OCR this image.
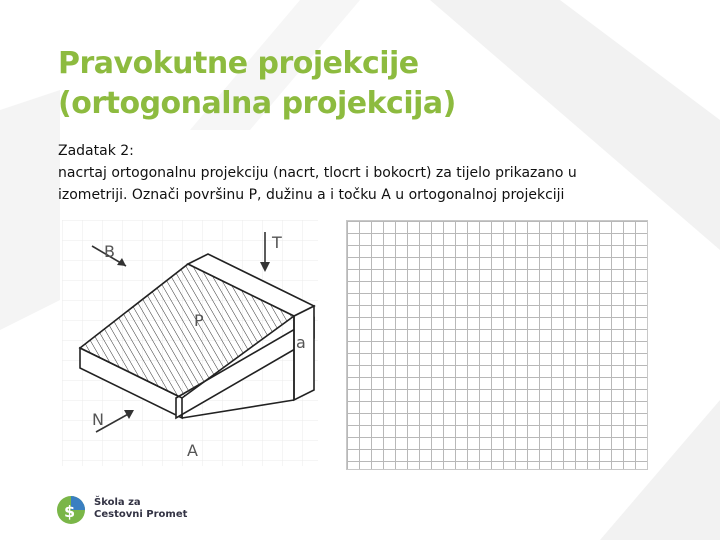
Pravokutne projekcije
(ortogonalna projekcija)
Zadatak 2:
nacrtaj ortogonalnu projekciju (nacrt, tlocrt i bokocrt) za tijelo prikazano u
izometriji. Označi površinu P, dužinu a i točku A u ortogonalnoj projekciji
B	T
P
a
N
A
$ Škola za
Cestovni Promet
